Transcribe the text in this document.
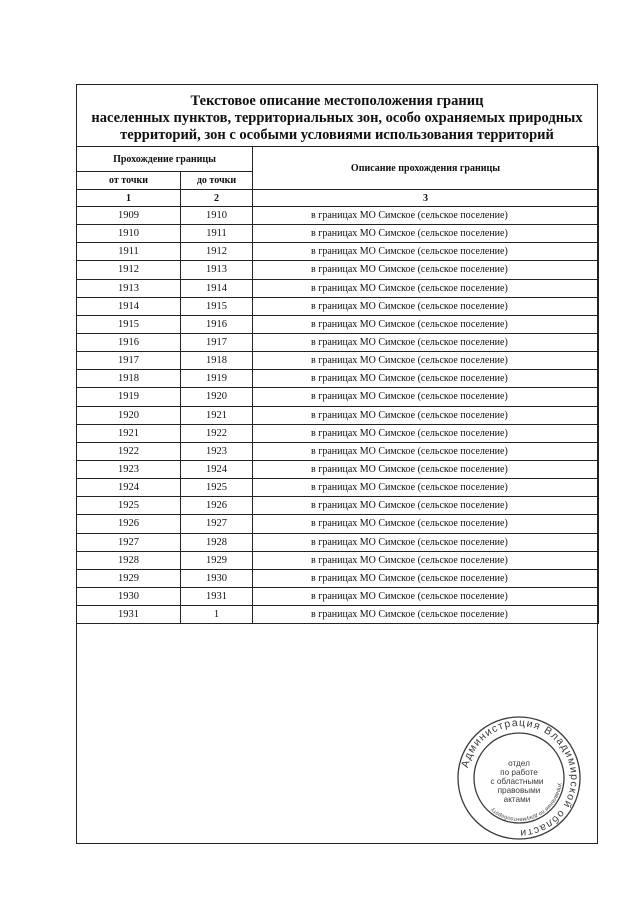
Текстовое описание местоположения границ
населенных пунктов, территориальных зон, особо охраняемых природных
территорий, зон с особыми условиями использования территорий
Прохождение границы		Описание прохождения границы
от точки	до точки	
1	2	3
1909	1910	в границах МО Симское (сельское поселение)
1910	1911	в границах МО Симское (сельское поселение)
1911	1912	в границах МО Симское (сельское поселение)
1912	1913	в границах МО Симское (сельское поселение)
1913	1914	в границах МО Симское (сельское поселение)
1914	1915	в границах МО Симское (сельское поселение)
1915	1916	в границах МО Симское (сельское поселение)
1916	1917	в границах МО Симское (сельское поселение)
1917	1918	в границах МО Симское (сельское поселение)
1918	1919	в границах МО Симское (сельское поселение)
1919	1920	в границах МО Симское (сельское поселение)
1920	1921	в границах МО Симское (сельское поселение)
1921	1922	в границах МО Симское (сельское поселение)
1922	1923	в границах МО Симское (сельское поселение)
1923	1924	в границах МО Симское (сельское поселение)
1924	1925	в границах МО Симское (сельское поселение)
1925	1926	в границах МО Симское (сельское поселение)
1926	1927	в границах МО Симское (сельское поселение)
1927	1928	в границах МО Симское (сельское поселение)
1928	1929	в границах МО Симское (сельское поселение)
1929	1930	в границах МО Симское (сельское поселение)
1930	1931	в границах МО Симское (сельское поселение)
1931	1	в границах МО Симское (сельское поселение)
Администрация Владимирской области
управление по документообороту
отдел
по работе
с областными
правовыми
актами
